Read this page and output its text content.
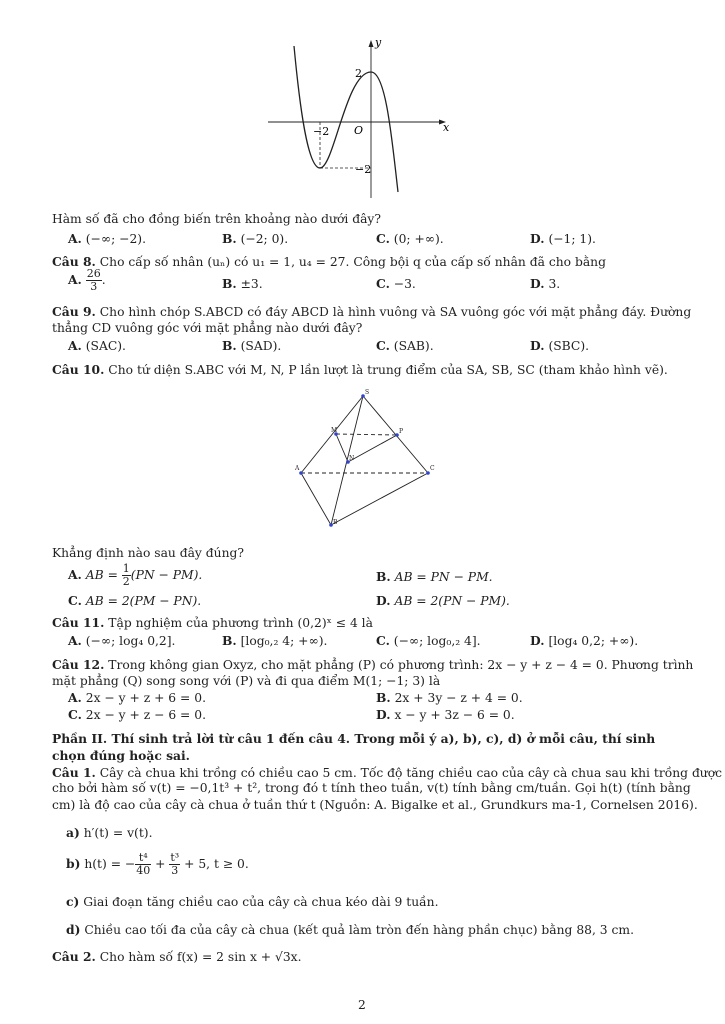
y
x
O
2
−2
−2
Hàm số đã cho đồng biến trên khoảng nào dưới đây?
A. (−∞; −2).	B. (−2; 0).	C. (0; +∞).	D. (−1; 1).
Câu 8. Cho cấp số nhân (uₙ) có u₁ = 1, u₄ = 27. Công bội q của cấp số nhân đã cho bằng
A. $\frac{26}{3}$ .	B. ±3.	C. −3.	D. 3.
Câu 9. Cho hình chóp S.ABCD có đáy ABCD là hình vuông và SA vuông góc với mặt phẳng đáy. Đường
thẳng CD vuông góc với mặt phẳng nào dưới đây?
A. (SAC).	B. (SAD).	C. (SAB).	D. (SBC).
Câu 10. Cho tứ diện S.ABC với M, N, P lần lượt là trung điểm của SA, SB, SC (tham khảo hình vẽ).
S
M	P
N
A	C
B
Khẳng định nào sau đây đúng?
A. AB = $\frac{1}{2} (PN - PM)$.	B. AB = PN − PM.
C. AB = 2(PM − PN).	D. AB = 2(PN − PM).
Câu 11. Tập nghiệm của phương trình (0,2)ˣ ≤ 4 là
A. (−∞; log₄ 0,2].	B. [log₀,₂ 4; +∞).	C. (−∞; log₀,₂ 4].	D. [log₄ 0,2; +∞).
Câu 12. Trong không gian Oxyz, cho mặt phẳng (P) có phương trình: 2x − y + z − 4 = 0. Phương trình
mặt phẳng (Q) song song với (P) và đi qua điểm M(1; −1; 3) là
A. 2x − y + z + 6 = 0.	B. 2x + 3y − z + 4 = 0.
C. 2x − y + z − 6 = 0.	D. x − y + 3z − 6 = 0.
Phần II. Thí sinh trả lời từ câu 1 đến câu 4. Trong mỗi ý a), b), c), d) ở mỗi câu, thí sinh
chọn đúng hoặc sai.
Câu 1. Cây cà chua khi trồng có chiều cao 5 cm. Tốc độ tăng chiều cao của cây cà chua sau khi trồng được
cho bởi hàm số v(t) = −0,1t³ + t², trong đó t tính theo tuần, v(t) tính bằng cm/tuần. Gọi h(t) (tính bằng
cm) là độ cao của cây cà chua ở tuần thứ t (Nguồn: A. Bigalke et al., Grundkurs ma-1, Cornelsen 2016).
a) h′(t) = v(t).
b) h(t) = − $\frac{\text{t⁴}}{40} + \frac{\text{t³}}{3} + 5$, t ≥ 0.
c) Giai đoạn tăng chiều cao của cây cà chua kéo dài 9 tuần.
d) Chiều cao tối đa của cây cà chua (kết quả làm tròn đến hàng phần chục) bằng 88, 3 cm.
Câu 2. Cho hàm số f(x) = 2 sin x + √3x.
2
